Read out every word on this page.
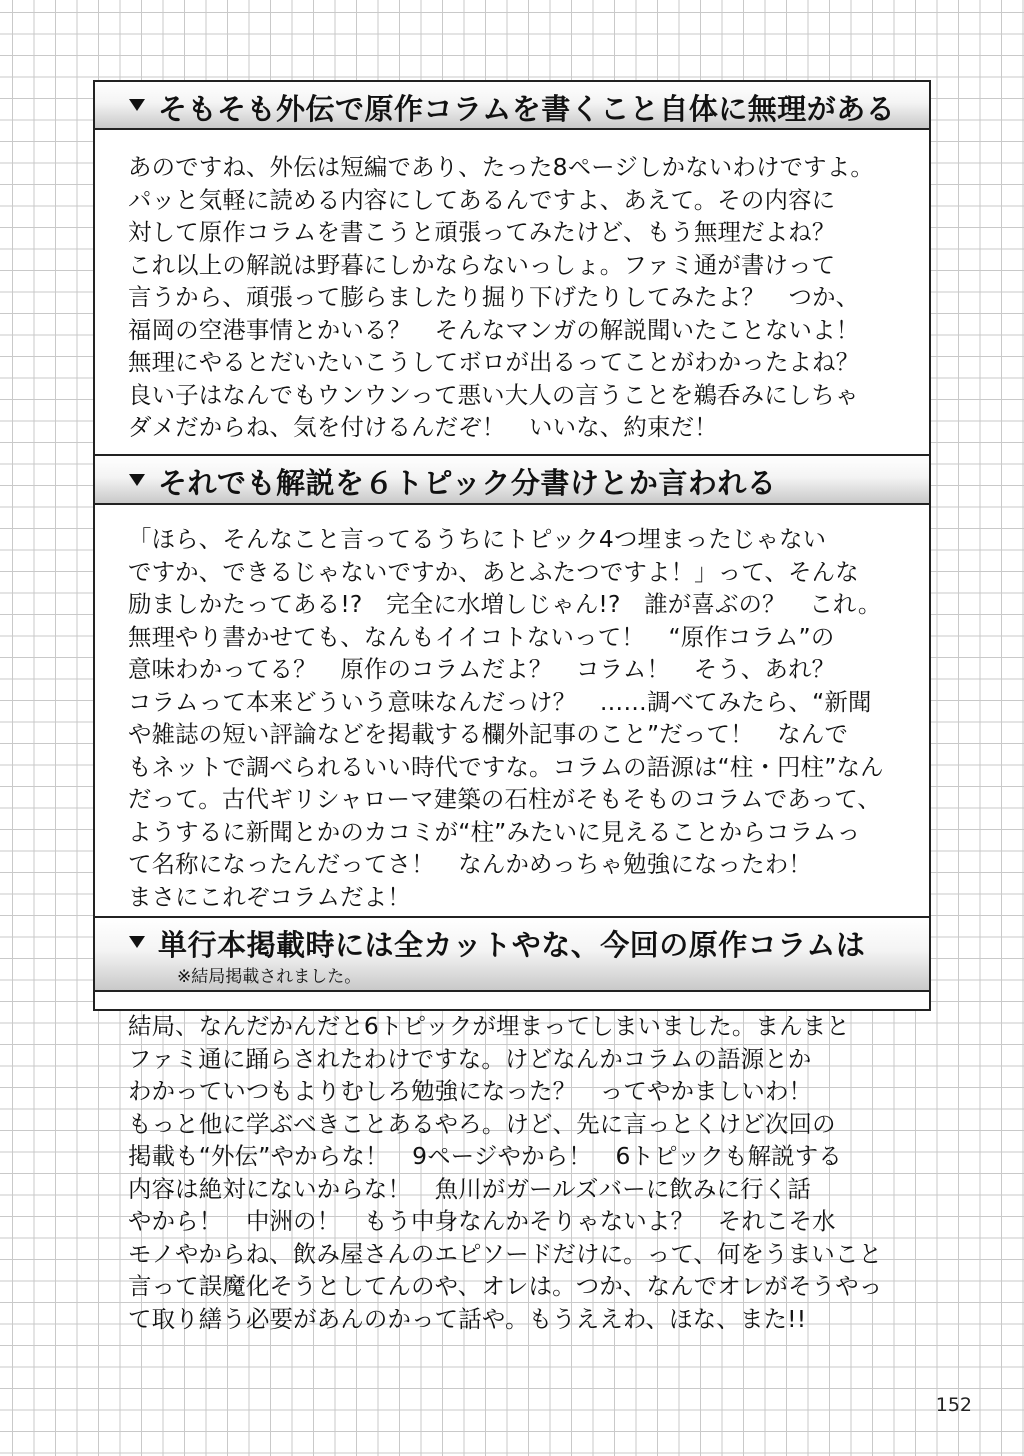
そもそも外伝で原作コラムを書くこと自体に無理がある

あのですね、外伝は短編であり、たった8ページしかないわけですよ。
パッと気軽に読める内容にしてあるんですよ、あえて。その内容に
対して原作コラムを書こうと頑張ってみたけど、もう無理だよね？
これ以上の解説は野暮にしかならないっしょ。ファミ通が書けって
言うから、頑張って膨らましたり掘り下げたりしてみたよ？　つか、
福岡の空港事情とかいる？　そんなマンガの解説聞いたことないよ！
無理にやるとだいたいこうしてボロが出るってことがわかったよね？
良い子はなんでもウンウンって悪い大人の言うことを鵜呑みにしちゃ
ダメだからね、気を付けるんだぞ！　いいな、約束だ！

それでも解説を６トピック分書けとか言われる

「ほら、そんなこと言ってるうちにトピック4つ埋まったじゃない
ですか、できるじゃないですか、あとふたつですよ！」って、そんな
励ましかたってある!?　完全に水増しじゃん!?　誰が喜ぶの？　これ。
無理やり書かせても、なんもイイコトないって！　“原作コラム”の
意味わかってる？　原作のコラムだよ？　コラム！　そう、あれ？
コラムって本来どういう意味なんだっけ？　……調べてみたら、“新聞
や雑誌の短い評論などを掲載する欄外記事のこと”だって！　なんで
もネットで調べられるいい時代ですな。コラムの語源は“柱・円柱”なん
だって。古代ギリシャローマ建築の石柱がそもそものコラムであって、
ようするに新聞とかのカコミが“柱”みたいに見えることからコラムっ
て名称になったんだってさ！　なんかめっちゃ勉強になったわ！
まさにこれぞコラムだよ！

単行本掲載時には全カットやな、今回の原作コラムは
※結局掲載されました。

結局、なんだかんだと6トピックが埋まってしまいました。まんまと
ファミ通に踊らされたわけですな。けどなんかコラムの語源とか
わかっていつもよりむしろ勉強になった？　ってやかましいわ！
もっと他に学ぶべきことあるやろ。けど、先に言っとくけど次回の
掲載も“外伝”やからな！　9ページやから！　6トピックも解説する
内容は絶対にないからな！　魚川がガールズバーに飲みに行く話
やから！　中洲の！　もう中身なんかそりゃないよ？　それこそ水
モノやからね、飲み屋さんのエピソードだけに。って、何をうまいこと
言って誤魔化そうとしてんのや、オレは。つか、なんでオレがそうやっ
て取り繕う必要があんのかって話や。もうええわ、ほな、また!!

152
